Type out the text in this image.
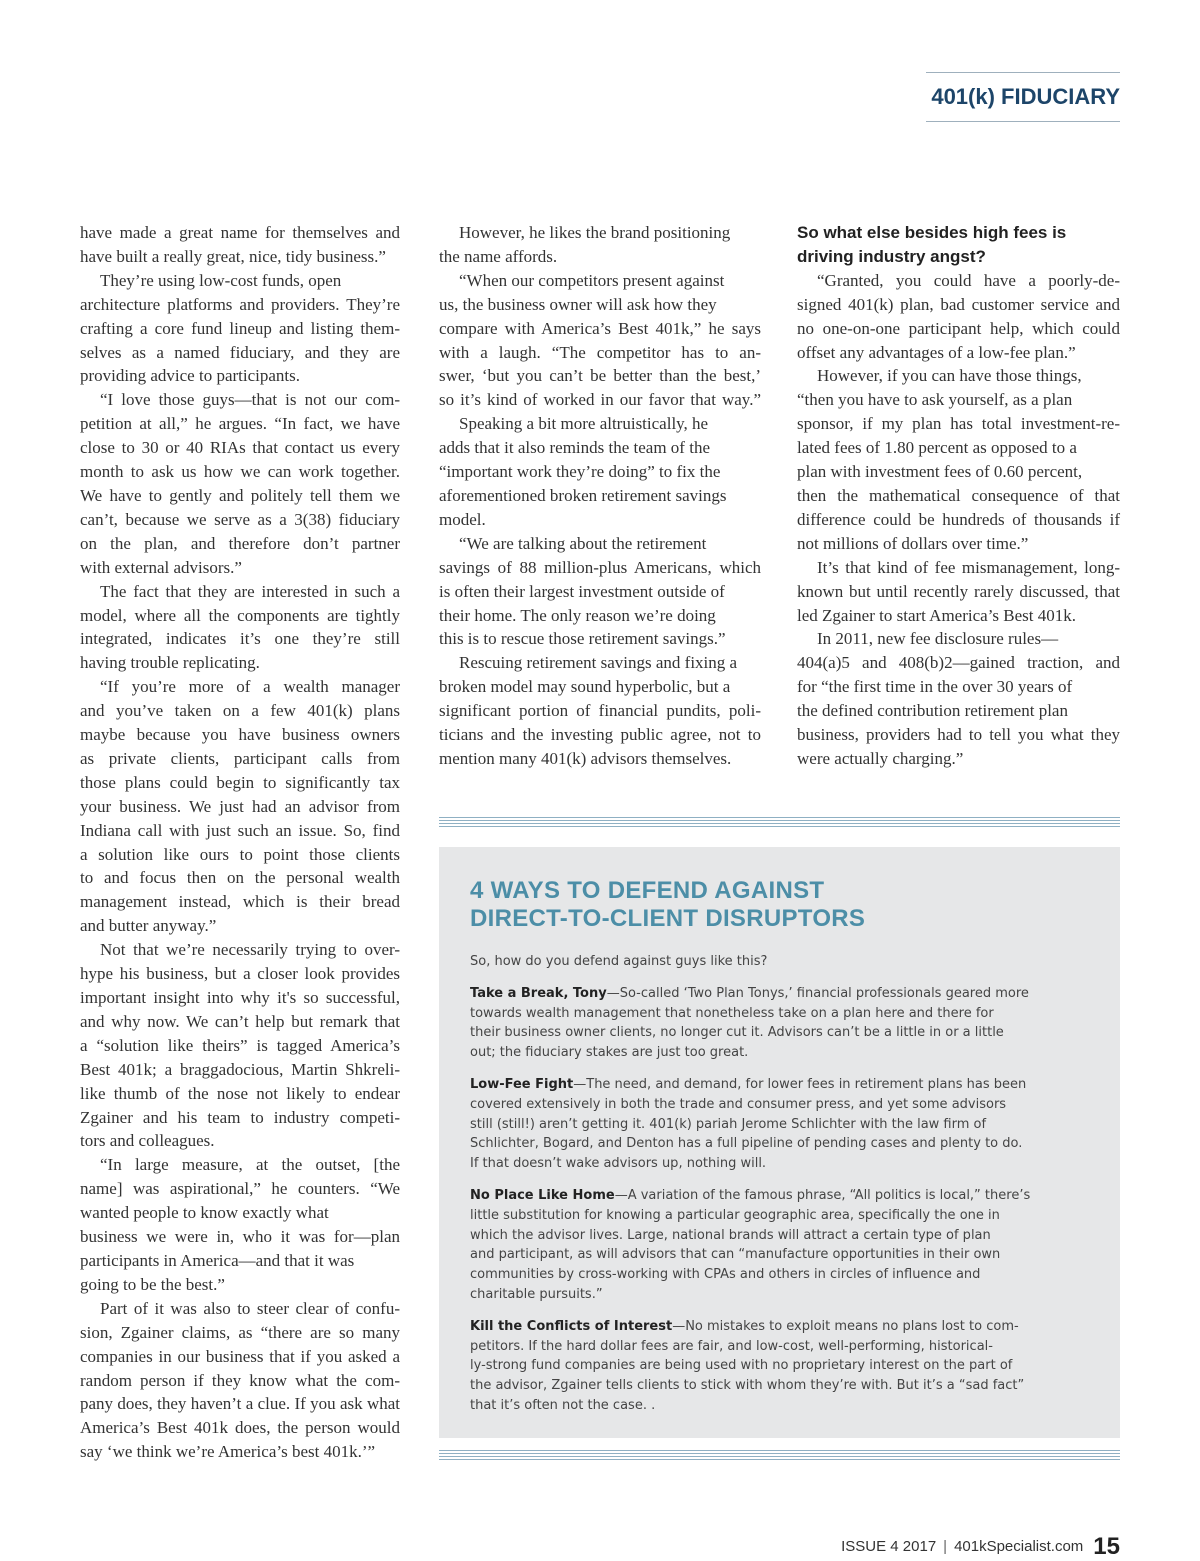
401(k) FIDUCIARY
have made a great name for themselves and
have built a really great, nice, tidy business.”
They’re using low-cost funds, open
architecture platforms and providers. They’re
crafting a core fund lineup and listing them-
selves as a named fiduciary, and they are
providing advice to participants.
“I love those guys—that is not our com-
petition at all,” he argues. “In fact, we have
close to 30 or 40 RIAs that contact us every
month to ask us how we can work together.
We have to gently and politely tell them we
can’t, because we serve as a 3(38) fiduciary
on the plan, and therefore don’t partner
with external advisors.”
The fact that they are interested in such a
model, where all the components are tightly
integrated, indicates it’s one they’re still
having trouble replicating.
“If you’re more of a wealth manager
and you’ve taken on a few 401(k) plans
maybe because you have business owners
as private clients, participant calls from
those plans could begin to significantly tax
your business. We just had an advisor from
Indiana call with just such an issue. So, find
a solution like ours to point those clients
to and focus then on the personal wealth
management instead, which is their bread
and butter anyway.”
Not that we’re necessarily trying to over-
hype his business, but a closer look provides
important insight into why it's so successful,
and why now. We can’t help but remark that
a “solution like theirs” is tagged America’s
Best 401k; a braggadocious, Martin Shkreli-
like thumb of the nose not likely to endear
Zgainer and his team to industry competi-
tors and colleagues.
“In large measure, at the outset, [the
name] was aspirational,” he counters. “We
wanted people to know exactly what
business we were in, who it was for—plan
participants in America—and that it was
going to be the best.”
Part of it was also to steer clear of confu-
sion, Zgainer claims, as “there are so many
companies in our business that if you asked a
random person if they know what the com-
pany does, they haven’t a clue. If you ask what
America’s Best 401k does, the person would
say ‘we think we’re America’s best 401k.’”
However, he likes the brand positioning
the name affords.
“When our competitors present against
us, the business owner will ask how they
compare with America’s Best 401k,” he says
with a laugh. “The competitor has to an-
swer, ‘but you can’t be better than the best,’
so it’s kind of worked in our favor that way.”
Speaking a bit more altruistically, he
adds that it also reminds the team of the
“important work they’re doing” to fix the
aforementioned broken retirement savings
model.
“We are talking about the retirement
savings of 88 million-plus Americans, which
is often their largest investment outside of
their home. The only reason we’re doing
this is to rescue those retirement savings.”
Rescuing retirement savings and fixing a
broken model may sound hyperbolic, but a
significant portion of financial pundits, poli-
ticians and the investing public agree, not to
mention many 401(k) advisors themselves.
So what else besides high fees is
driving industry angst?
“Granted, you could have a poorly-de-
signed 401(k) plan, bad customer service and
no one-on-one participant help, which could
offset any advantages of a low-fee plan.”
However, if you can have those things,
“then you have to ask yourself, as a plan
sponsor, if my plan has total investment-re-
lated fees of 1.80 percent as opposed to a
plan with investment fees of 0.60 percent,
then the mathematical consequence of that
difference could be hundreds of thousands if
not millions of dollars over time.”
It’s that kind of fee mismanagement, long-
known but until recently rarely discussed, that
led Zgainer to start America’s Best 401k.
In 2011, new fee disclosure rules—
404(a)5 and 408(b)2—gained traction, and
for “the first time in the over 30 years of
the defined contribution retirement plan
business, providers had to tell you what they
were actually charging.”
4 WAYS TO DEFEND AGAINST
DIRECT-TO-CLIENT DISRUPTORS

So, how do you defend against guys like this?

Take a Break, Tony—So-called ‘Two Plan Tonys,’ financial professionals geared more
towards wealth management that nonetheless take on a plan here and there for
their business owner clients, no longer cut it. Advisors can’t be a little in or a little
out; the fiduciary stakes are just too great.

Low-Fee Fight—The need, and demand, for lower fees in retirement plans has been
covered extensively in both the trade and consumer press, and yet some advisors
still (still!) aren’t getting it. 401(k) pariah Jerome Schlichter with the law firm of
Schlichter, Bogard, and Denton has a full pipeline of pending cases and plenty to do.
If that doesn’t wake advisors up, nothing will.

No Place Like Home—A variation of the famous phrase, “All politics is local,” there’s
little substitution for knowing a particular geographic area, specifically the one in
which the advisor lives. Large, national brands will attract a certain type of plan
and participant, as will advisors that can “manufacture opportunities in their own
communities by cross-working with CPAs and others in circles of influence and
charitable pursuits.”

Kill the Conflicts of Interest—No mistakes to exploit means no plans lost to com-
petitors. If the hard dollar fees are fair, and low-cost, well-performing, historical-
ly-strong fund companies are being used with no proprietary interest on the part of
the advisor, Zgainer tells clients to stick with whom they’re with. But it’s a “sad fact”
that it’s often not the case. .

ISSUE 4 2017 | 401kSpecialist.com 15
